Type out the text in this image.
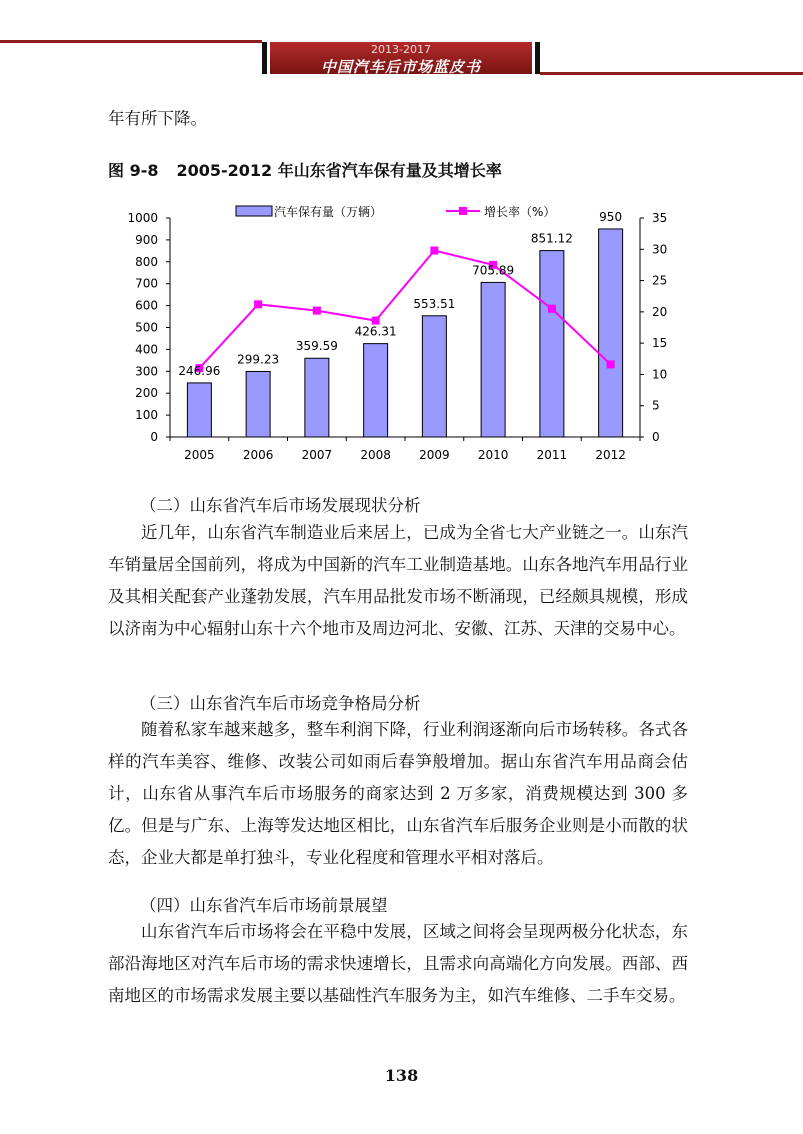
2013-2017
中国汽车后市场蓝皮书
年有所下降。
图 9-8 2005-2012 年山东省汽车保有量及其增长率
0
100
200
300
400
500
600
700
800
900
1000
0
5
10
15
20
25
30
35
2005 2006 2007 2008 2009 2010 2011 2012
246.96
299.23
359.59
426.31
553.51
705.89
851.12
950
汽车保有量（万辆）	增长率（%）
（二）山东省汽车后市场发展现状分析
近几年，山东省汽车制造业后来居上，已成为全省七大产业链之一。山东汽车销量居全国前列，将成为中国新的汽车工业制造基地。山东各地汽车用品行业及其相关配套产业蓬勃发展，汽车用品批发市场不断涌现，已经颇具规模，形成以济南为中心辐射山东十六个地市及周边河北、安徽、江苏、天津的交易中心。
（三）山东省汽车后市场竞争格局分析
随着私家车越来越多，整车利润下降，行业利润逐渐向后市场转移。各式各样的汽车美容、维修、改装公司如雨后春笋般增加。据山东省汽车用品商会估计，山东省从事汽车后市场服务的商家达到 2 万多家，消费规模达到 300 多亿。但是与广东、上海等发达地区相比，山东省汽车后服务企业则是小而散的状态，企业大都是单打独斗，专业化程度和管理水平相对落后。
（四）山东省汽车后市场前景展望
山东省汽车后市场将会在平稳中发展，区域之间将会呈现两极分化状态，东部沿海地区对汽车后市场的需求快速增长，且需求向高端化方向发展。西部、西南地区的市场需求发展主要以基础性汽车服务为主，如汽车维修、二手车交易。
138
